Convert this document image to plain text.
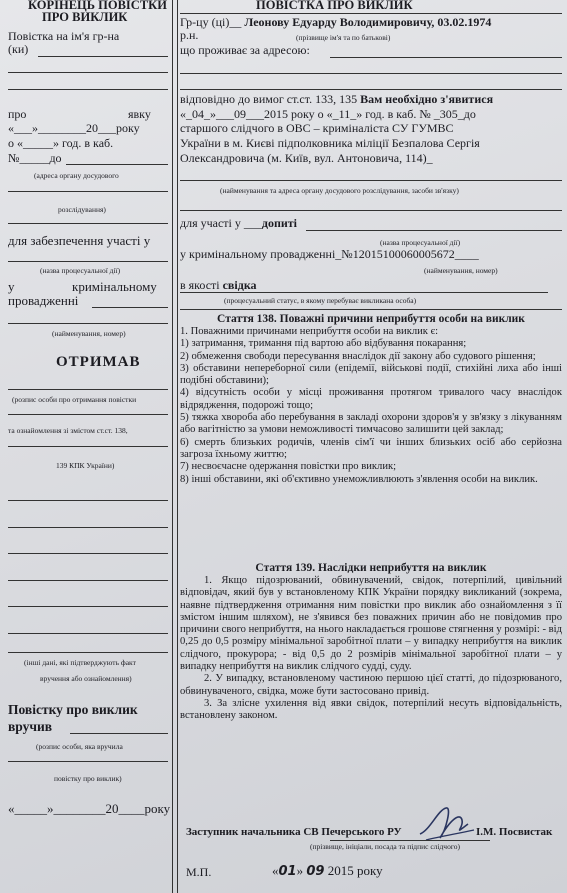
КОРІНЕЦЬ ПОВІСТКИ
ПРО ВИКЛИК
Повістка на ім'я гр-на
(ки)
про	явку
«___»________20___року
о «_____» год. в каб.
№_____до
(адреса органу досудового
розслідування)
для забезпечення участі у
(назва процесуальної дії)
у	кримінальному
провадженні
(найменування, номер)
ОТРИМАВ
(розпис особи про отримання повістки
та ознайомлення зі змістом ст.ст. 138,
139 КПК України)
(інші дані, які підтверджують факт
вручення або ознайомлення)
Повістку про виклик
вручив
(розпис особи, яка вручила
повістку про виклик)
«_____»________20____року
ПОВІСТКА ПРО ВИКЛИК
Гр-цу (ці)__ Леонову Едуарду Володимировичу, 03.02.1974
р.н.	(прізвище ім'я та по батькові)
що проживає за адресою:
відповідно до вимог ст.ст. 133, 135 Вам необхідно з'явитися
«_04_»___09___2015 року о «_11_» год. в каб. № _305_до
старшого слідчого в ОВС – криміналіста СУ ГУМВС
України в м. Києві підполковника міліції Безпалова Сергія
Олександровича (м. Київ, вул. Антоновича, 114)_
(найменування та адреса органу досудового розслідування, засоби зв'язку)
для участі у ___допиті
(назва процесуальної дії)
у кримінальному провадженні_№12015100060005672____
(найменування, номер)
в якості свідка
(процесуальний статус, в якому перебуває викликана особа)

Стаття 138. Поважні причини неприбуття особи на виклик

1. Поважними причинами неприбуття особи на виклик є:

1) затримання, тримання під вартою або відбування покарання;
2) обмеження свободи пересування внаслідок дії закону або судового рішення;
3) обставини непереборної сили (епідемії, військові події, стихійні лиха або інші подібні обставини);
4) відсутність особи у місці проживання протягом тривалого часу внаслідок відрядження, подорожі тощо;
5) тяжка хвороба або перебування в закладі охорони здоров'я у зв'язку з лікуванням або вагітністю за умови неможливості тимчасово залишити цей заклад;
6) смерть близьких родичів, членів сім'ї чи інших близьких осіб або серйозна загроза їхньому життю;
7) несвоєчасне одержання повістки про виклик;
8) інші обставини, які об'єктивно унеможливлюють з'явлення особи на виклик.

Стаття 139. Наслідки неприбуття на виклик

1. Якщо підозрюваний, обвинувачений, свідок, потерпілий, цивільний відповідач, який був у встановленому КПК України порядку викликаний (зокрема, наявне підтвердження отримання ним повістки про виклик або ознайомлення з її змістом іншим шляхом), не з'явився без поважних причин або не повідомив про причини свого неприбуття, на нього накладається грошове стягнення у розмірі: - від 0,25 до 0,5 розміру мінімальної заробітної плати – у випадку неприбуття на виклик слідчого, прокурора; - від 0,5 до 2 розмірів мінімальної заробітної плати – у випадку неприбуття на виклик слідчого судді, суду.

2. У випадку, встановленому частиною першою цієї статті, до підозрюваного, обвинуваченого, свідка, може бути застосовано привід.

3. За злісне ухилення від явки свідок, потерпілий несуть відповідальність, встановлену законом.

Заступник начальника СВ Печерського РУ	І.М. Посвистак
(прізвище, ініціали, посада та підпис слідчого)
М.П.	«01» 09 2015 року
